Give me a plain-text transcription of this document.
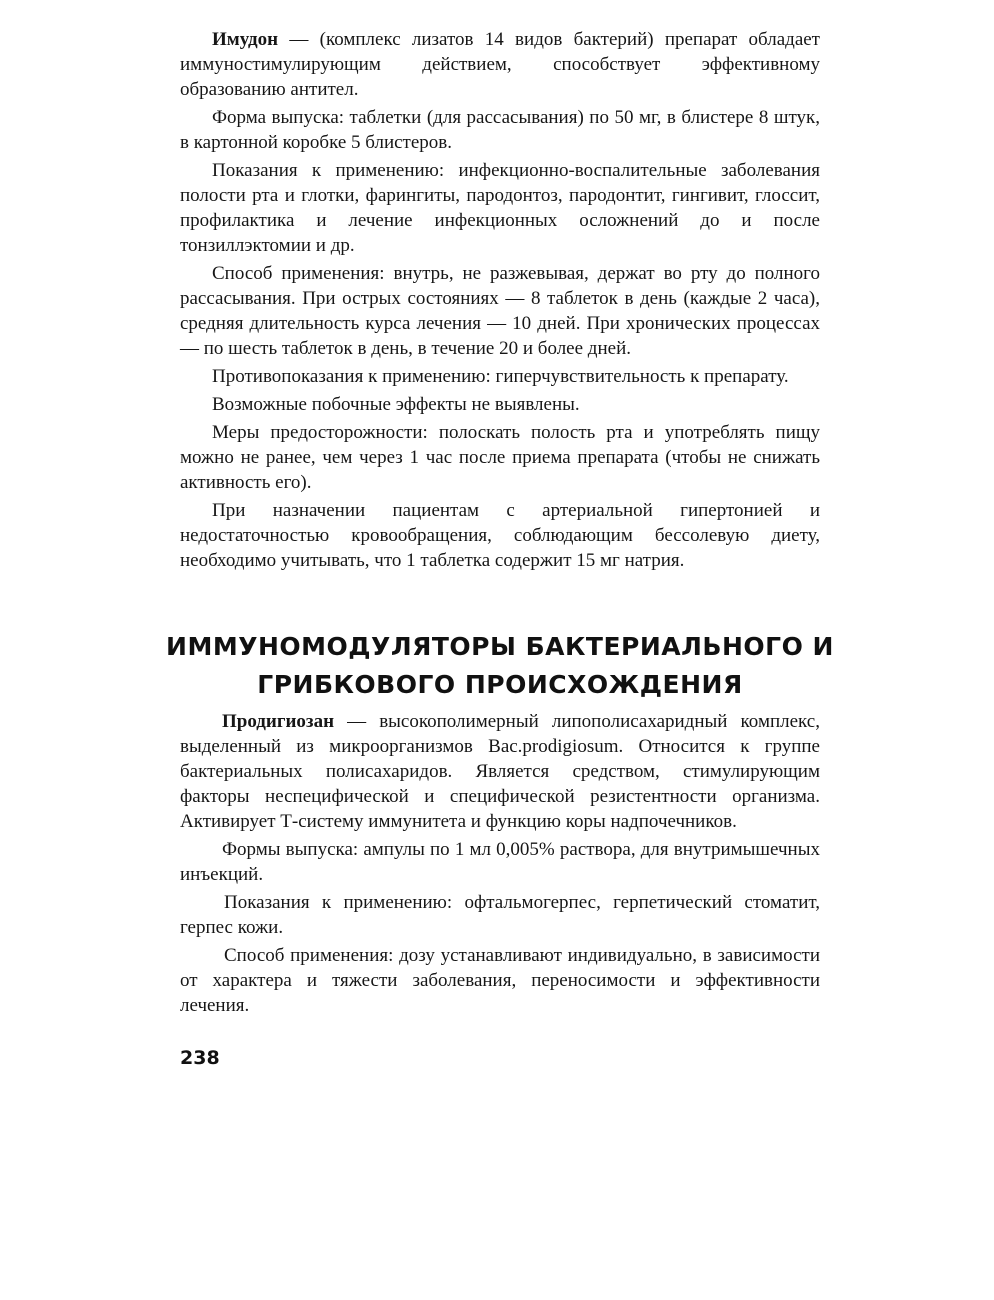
Имудон — (комплекс лизатов 14 видов бактерий) препарат обладает иммуностимулирующим действием, способствует эффективному образованию антител.

Форма выпуска: таблетки (для рассасывания) по 50 мг, в блистере 8 штук, в картонной коробке 5 блистеров.

Показания к применению: инфекционно-воспалительные заболевания полости рта и глотки, фарингиты, пародонтоз, пародонтит, гингивит, глоссит, профилактика и лечение инфекционных осложнений до и после тонзиллэктомии и др.

Способ применения: внутрь, не разжевывая, держат во рту до полного рассасывания. При острых состояниях — 8 таблеток в день (каждые 2 часа), средняя длительность курса лечения — 10 дней. При хронических процессах — по шесть таблеток в день, в течение 20 и более дней.

Противопоказания к применению: гиперчувствительность к препарату.

Возможные побочные эффекты не выявлены.

Меры предосторожности: полоскать полость рта и употреблять пищу можно не ранее, чем через 1 час после приема препарата (чтобы не снижать активность его).

При назначении пациентам с артериальной гипертонией и недостаточностью кровообращения, соблюдающим бессолевую диету, необходимо учитывать, что 1 таблетка содержит 15 мг натрия.

ИММУНОМОДУЛЯТОРЫ БАКТЕРИАЛЬНОГО И
ГРИБКОВОГО ПРОИСХОЖДЕНИЯ

Продигиозан — высокополимерный липополисахаридный комплекс, выделенный из микроорганизмов Bac.prodigiosum. Относится к группе бактериальных полисахаридов. Является средством, стимулирующим факторы неспецифической и специфической резистентности организма. Активирует Т-систему иммунитета и функцию коры надпочечников.

Формы выпуска: ампулы по 1 мл 0,005% раствора, для внутримышечных инъекций.

Показания к применению: офтальмогерпес, герпетический стоматит, герпес кожи.

Способ применения: дозу устанавливают индивидуально, в зависимости от характера и тяжести заболевания, переносимости и эффективности лечения.

238
